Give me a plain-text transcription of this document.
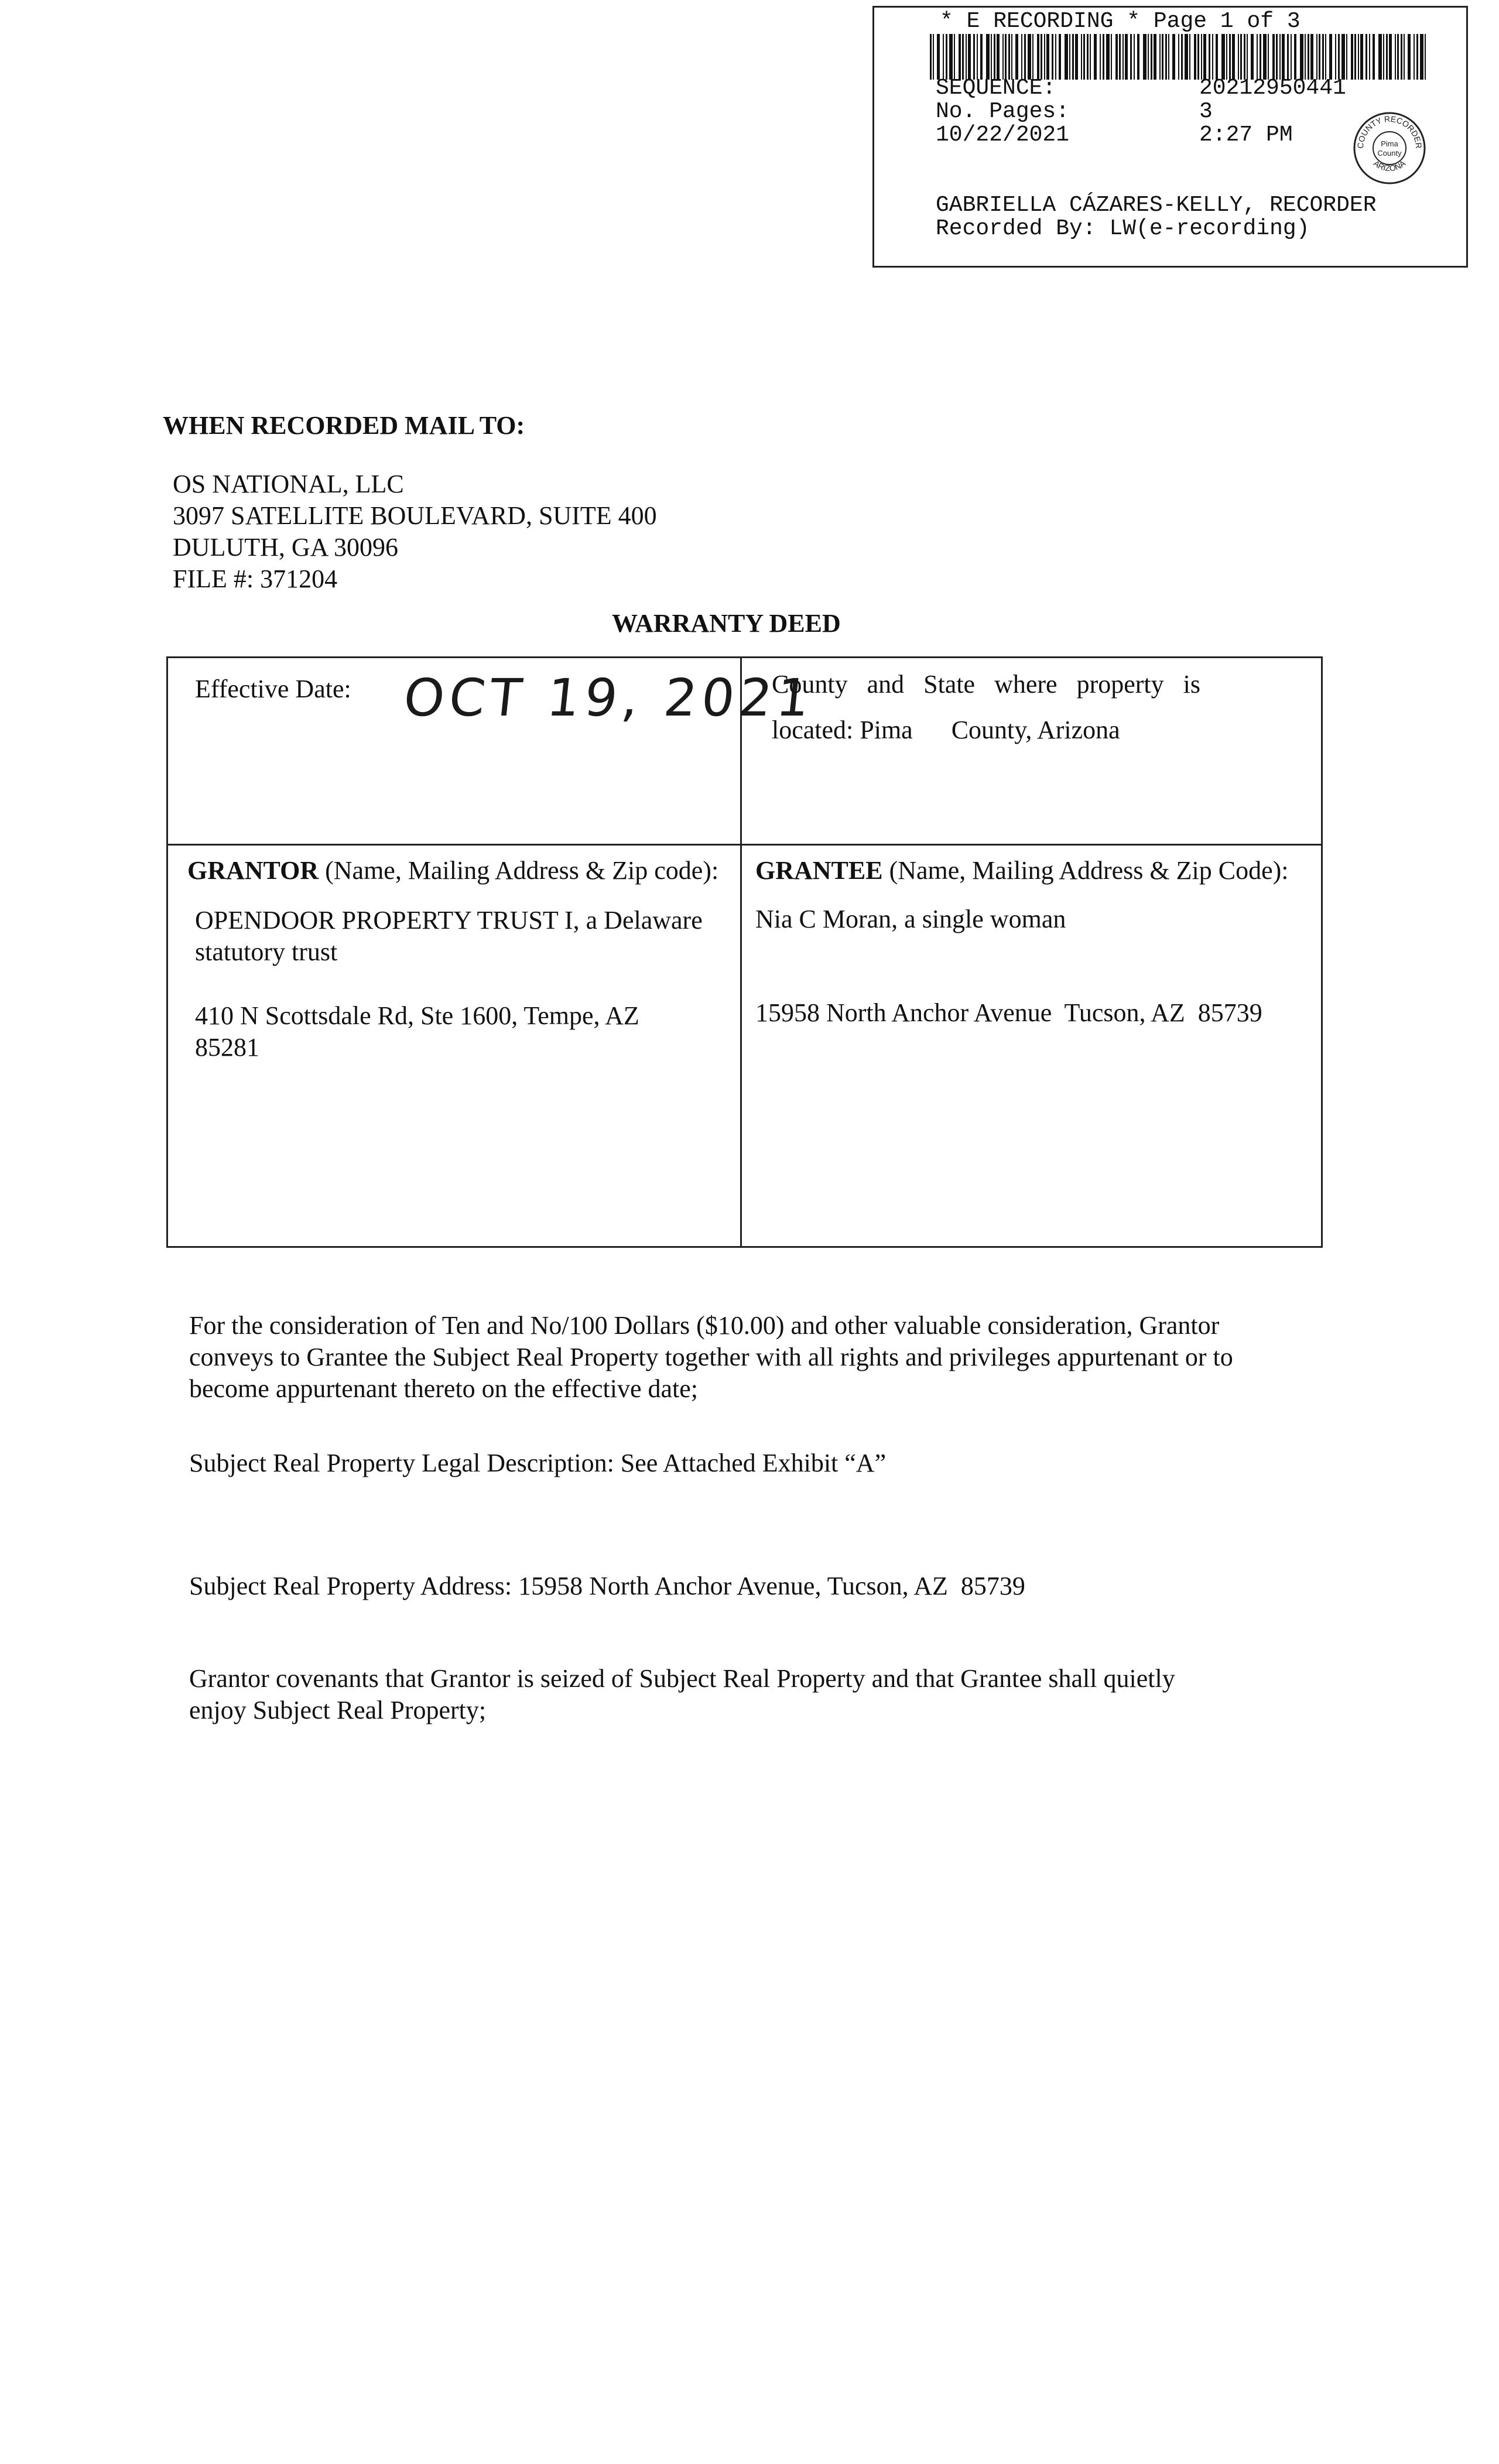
* E RECORDING * Page 1 of 3
SEQUENCE:	20212950441
No. Pages:	3
10/22/2021	2:27 PM	COUNTY RECORDER
ARIZONA
Pima
County
GABRIELLA CÁZARES-KELLY, RECORDER
Recorded By: LW(e-recording)
WHEN RECORDED MAIL TO:
OS NATIONAL, LLC
3097 SATELLITE BOULEVARD, SUITE 400
DULUTH, GA 30096
FILE #: 371204
WARRANTY DEED
Effective Date: OCT 19, 2021
County   and   State   where   property   is
located: Pima      County, Arizona
GRANTOR (Name, Mailing Address & Zip code):
OPENDOOR PROPERTY TRUST I, a Delaware
statutory trust
410 N Scottsdale Rd, Ste 1600, Tempe, AZ
85281
GRANTEE (Name, Mailing Address & Zip Code):
Nia C Moran, a single woman
15958 North Anchor Avenue  Tucson, AZ  85739
For the consideration of Ten and No/100 Dollars ($10.00) and other valuable consideration, Grantor
conveys to Grantee the Subject Real Property together with all rights and privileges appurtenant or to
become appurtenant thereto on the effective date;
Subject Real Property Legal Description: See Attached Exhibit “A”
Subject Real Property Address: 15958 North Anchor Avenue, Tucson, AZ  85739
Grantor covenants that Grantor is seized of Subject Real Property and that Grantee shall quietly
enjoy Subject Real Property;
